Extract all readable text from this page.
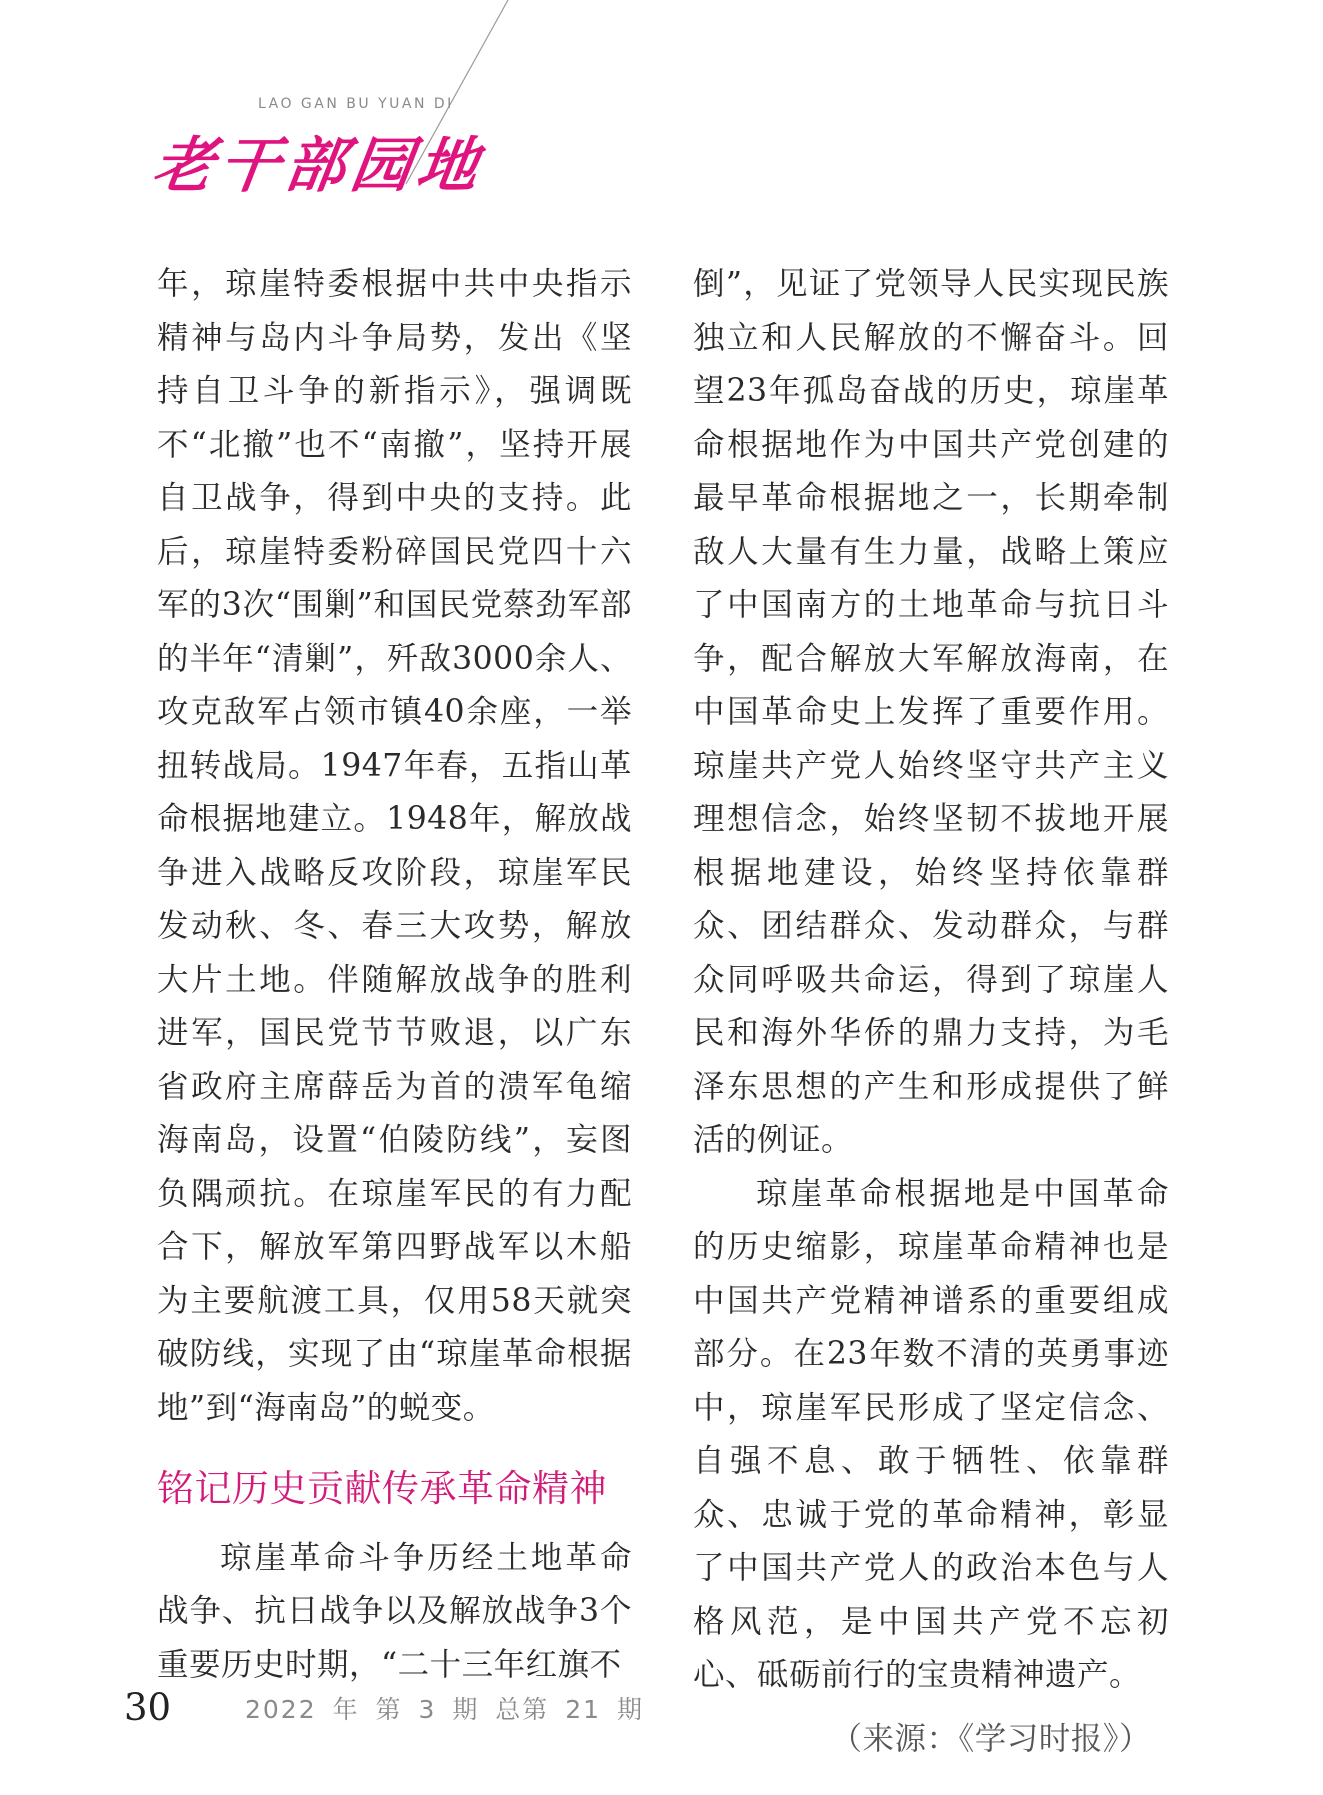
LAO GAN BU YUAN DI
老干部园地

年，琼崖特委根据中共中央指示精神与岛内斗争局势，发出《坚持自卫斗争的新指示》，强调既不“北撤”也不“南撤”，坚持开展自卫战争，得到中央的支持。此后，琼崖特委粉碎国民党四十六军的3次“围剿”和国民党蔡劲军部的半年“清剿”，歼敌3000余人、攻克敌军占领市镇40余座，一举扭转战局。1947年春，五指山革命根据地建立。1948年，解放战争进入战略反攻阶段，琼崖军民发动秋、冬、春三大攻势，解放大片土地。伴随解放战争的胜利进军，国民党节节败退，以广东省政府主席薛岳为首的溃军龟缩海南岛，设置“伯陵防线”，妄图负隅顽抗。在琼崖军民的有力配合下，解放军第四野战军以木船为主要航渡工具，仅用58天就突破防线，实现了由“琼崖革命根据地”到“海南岛”的蜕变。

铭记历史贡献传承革命精神

琼崖革命斗争历经土地革命战争、抗日战争以及解放战争3个重要历史时期，“二十三年红旗不

倒”，见证了党领导人民实现民族独立和人民解放的不懈奋斗。回望23年孤岛奋战的历史，琼崖革命根据地作为中国共产党创建的最早革命根据地之一，长期牵制敌人大量有生力量，战略上策应了中国南方的土地革命与抗日斗争，配合解放大军解放海南，在中国革命史上发挥了重要作用。琼崖共产党人始终坚守共产主义理想信念，始终坚韧不拔地开展根据地建设，始终坚持依靠群众、团结群众、发动群众，与群众同呼吸共命运，得到了琼崖人民和海外华侨的鼎力支持，为毛泽东思想的产生和形成提供了鲜活的例证。

琼崖革命根据地是中国革命的历史缩影，琼崖革命精神也是中国共产党精神谱系的重要组成部分。在23年数不清的英勇事迹中，琼崖军民形成了坚定信念、自强不息、敢于牺牲、依靠群众、忠诚于党的革命精神，彰显了中国共产党人的政治本色与人格风范，是中国共产党不忘初心、砥砺前行的宝贵精神遗产。

（来源：《学习时报》）

30	2022 年 第 3 期 总第 21 期
